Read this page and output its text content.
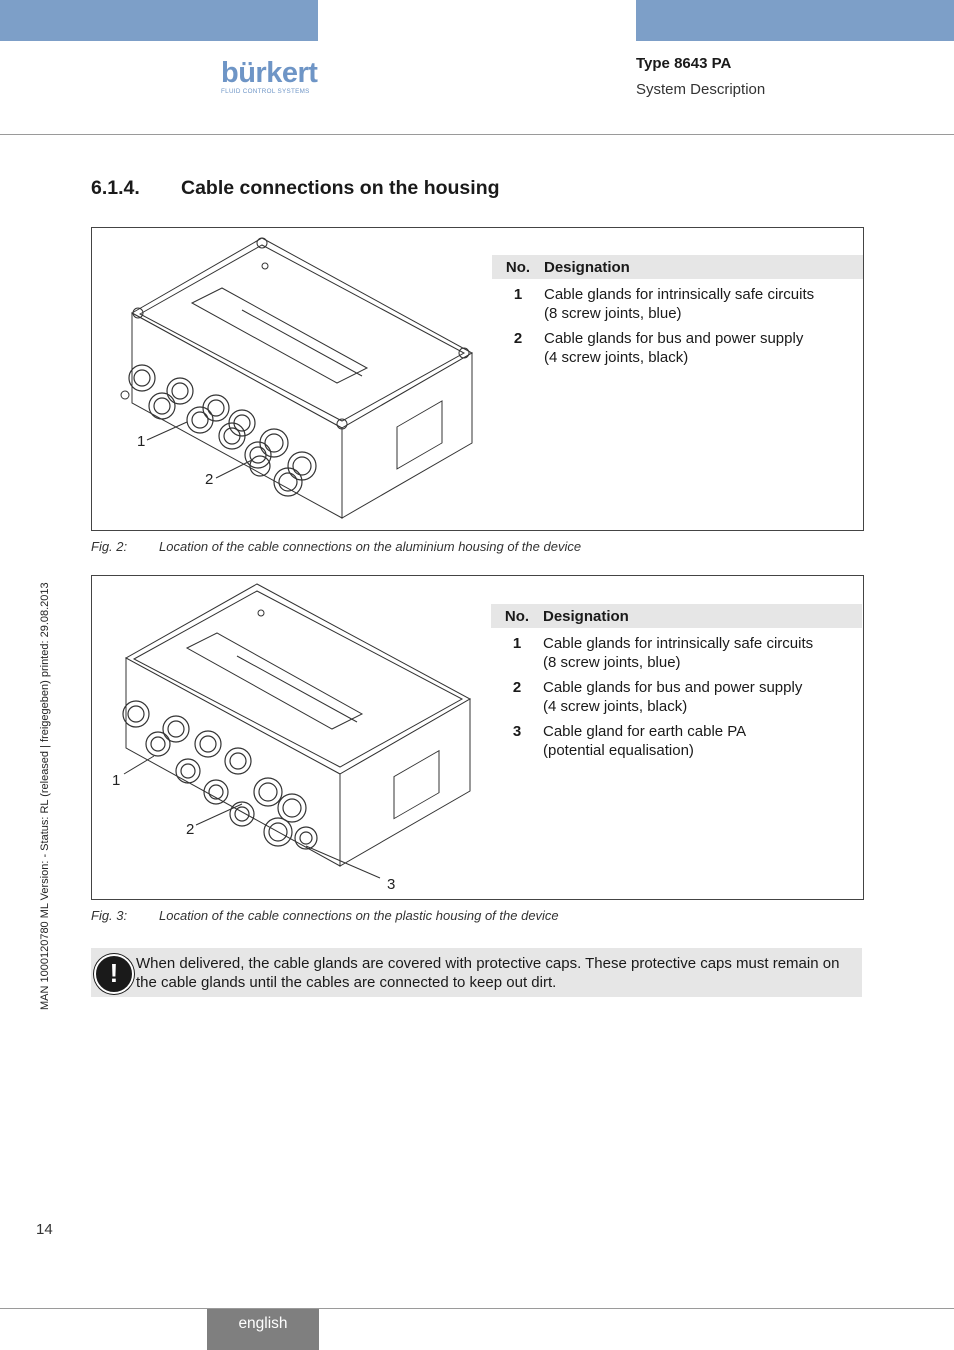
bürkert
FLUID CONTROL SYSTEMS
Type 8643 PA
System Description
6.1.4. Cable connections on the housing
1
2
No. Designation
1	Cable glands for intrinsically safe circuits
(8 screw joints, blue)
2	Cable glands for bus and power supply
(4 screw joints, black)
Fig. 2: Location of the cable connections on the aluminium housing of the device
1
2
3
No. Designation
1	Cable glands for intrinsically safe circuits
(8 screw joints, blue)
2	Cable glands for bus and power supply
(4 screw joints, black)
3	Cable gland for earth cable PA
(potential equalisation)
Fig. 3: Location of the cable connections on the plastic housing of the device
!	When delivered, the cable glands are covered with protective caps. These protective caps must remain on the cable glands until the cables are connected to keep out dirt.
MAN 1000120780 ML Version: - Status: RL (released | freigegeben) printed: 29.08.2013
14
english
